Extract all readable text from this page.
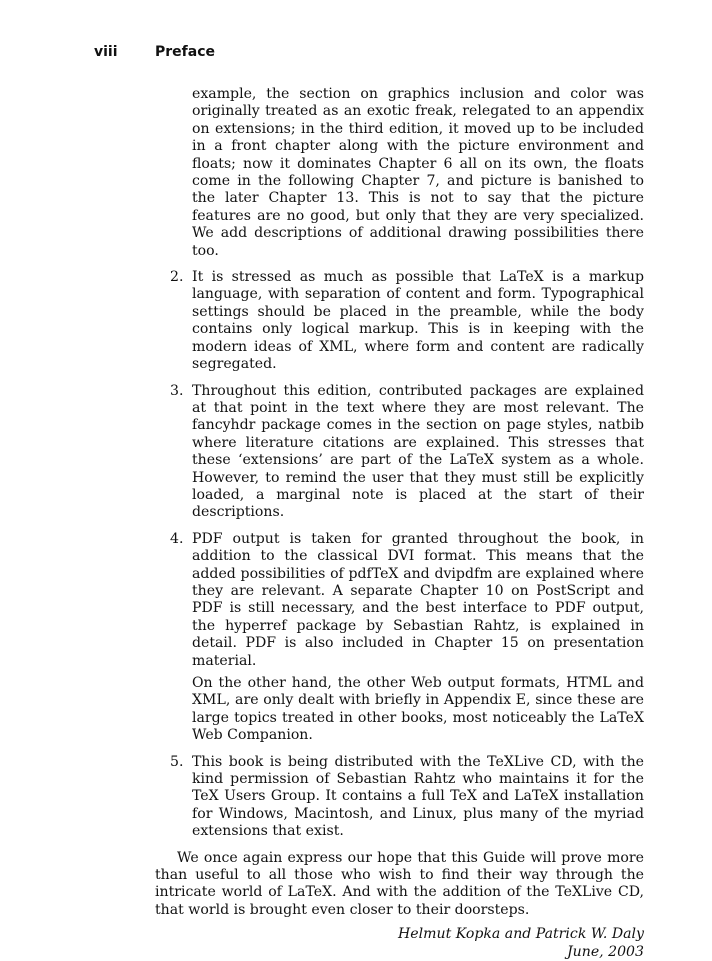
viii	Preface

example, the section on graphics inclusion and color was originally treated as an exotic freak, relegated to an appendix on extensions; in the third edition, it moved up to be included in a front chapter along with the picture environment and floats; now it dominates Chapter 6 all on its own, the floats come in the following Chapter 7, and picture is banished to the later Chapter 13. This is not to say that the picture features are no good, but only that they are very specialized. We add descriptions of additional drawing possibilities there too.

2. It is stressed as much as possible that LaTeX is a markup language, with separation of content and form. Typographical settings should be placed in the preamble, while the body contains only logical markup. This is in keeping with the modern ideas of XML, where form and content are radically segregated.

3. Throughout this edition, contributed packages are explained at that point in the text where they are most relevant. The fancyhdr package comes in the section on page styles, natbib where literature citations are explained. This stresses that these ‘extensions’ are part of the LaTeX system as a whole. However, to remind the user that they must still be explicitly loaded, a marginal note is placed at the start of their descriptions.

4. PDF output is taken for granted throughout the book, in addition to the classical DVI format. This means that the added possibilities of pdfTeX and dvipdfm are explained where they are relevant. A separate Chapter 10 on PostScript and PDF is still necessary, and the best interface to PDF output, the hyperref package by Sebastian Rahtz, is explained in detail. PDF is also included in Chapter 15 on presentation material.

On the other hand, the other Web output formats, HTML and XML, are only dealt with briefly in Appendix E, since these are large topics treated in other books, most noticeably the LaTeX Web Companion.

5. This book is being distributed with the TeXLive CD, with the kind permission of Sebastian Rahtz who maintains it for the TeX Users Group. It contains a full TeX and LaTeX installation for Windows, Macintosh, and Linux, plus many of the myriad extensions that exist.

We once again express our hope that this Guide will prove more than useful to all those who wish to find their way through the intricate world of LaTeX. And with the addition of the TeXLive CD, that world is brought even closer to their doorsteps.

Helmut Kopka and Patrick W. Daly
June, 2003
